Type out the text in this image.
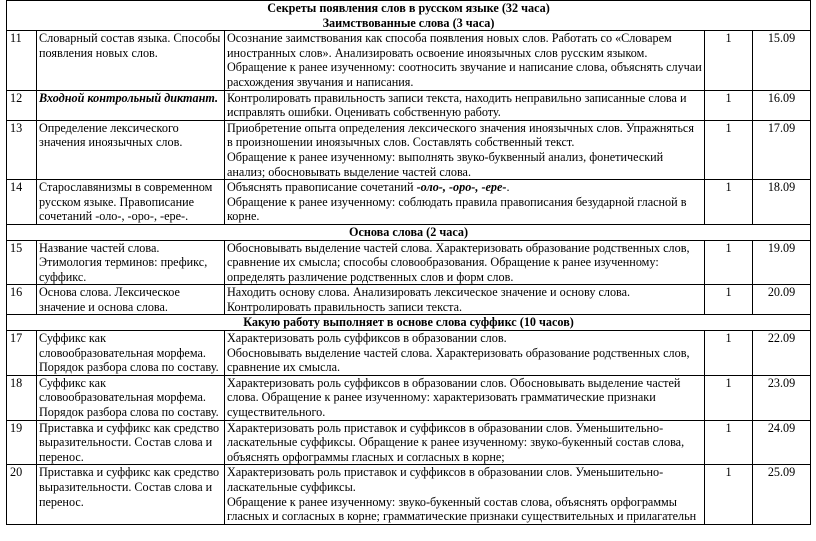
Секреты появления слов в русском языке (32 часа)
Заимствованные слова (3 часа)				

11	Словарный состав языка. Способы появления новых слов.	Осознание заимствования как способа появления новых слов. Работать со «Словарем иностранных слов». Анализировать освоение иноязычных слов русским языком.
Обращение к ранее изученному: соотносить звучание и написание слова, объяснять случаи расхождения звучания и написания.	1	15.09
12	Входной контрольный диктант.	Контролировать правильность записи текста, находить неправильно записанные слова и исправлять ошибки. Оценивать собственную работу.	1	16.09
13	Определение лексического значения иноязычных слов.	Приобретение опыта определения лексического значения иноязычных слов. Упражняться в произношении иноязычных слов. Составлять собственный текст.
Обращение к ранее изученному: выполнять звуко-буквенный анализ, фонетический анализ; обосновывать выделение частей слова.	1	17.09
14	Старославянизмы в современном русском языке. Правописание сочетаний -оло-, -оро-, -ере-.	Объяснять правописание сочетаний -оло-, -оро-, -ере-.
Обращение к ранее изученному: соблюдать правила правописания безударной гласной в корне.	1	18.09
Основа слова (2 часа)				
15	Название частей слова. Этимология терминов: префикс, суффикс.	Обосновывать выделение частей слова. Характеризовать образование родственных слов, сравнение их смысла; способы словообразования. Обращение к ранее изученному: определять различение родственных слов и форм слов.	1	19.09
16	Основа слова. Лексическое значение и основа слова.	Находить основу слова. Анализировать лексическое значение и основу слова. Контролировать правильность записи текста.	1	20.09
Какую работу выполняет в основе слова суффикс (10 часов)				
17	Суффикс как словообразовательная морфема. Порядок разбора слова по составу.	Характеризовать роль суффиксов в образовании слов.
Обосновывать выделение частей слова. Характеризовать образование родственных слов, сравнение их смысла.	1	22.09
18	Суффикс как словообразовательная морфема. Порядок разбора слова по составу.	Характеризовать роль суффиксов в образовании слов. Обосновывать выделение частей слова. Обращение к ранее изученному: характеризовать грамматические признаки существительного.	1	23.09
19	Приставка и суффикс как средство выразительности. Состав слова и перенос.	Характеризовать роль приставок и суффиксов в образовании слов. Уменьшительно-ласкательные суффиксы. Обращение к ранее изученному: звуко-букенный состав слова, объяснять орфограммы гласных и согласных в корне;	1	24.09
20	Приставка и суффикс как средство выразительности. Состав слова и перенос.	Характеризовать роль приставок и суффиксов в образовании слов. Уменьшительно-ласкательные суффиксы.
Обращение к ранее изученному: звуко-букенный состав слова, объяснять орфограммы гласных и согласных в корне; грамматические признаки существительных и прилагательн	1	25.09
